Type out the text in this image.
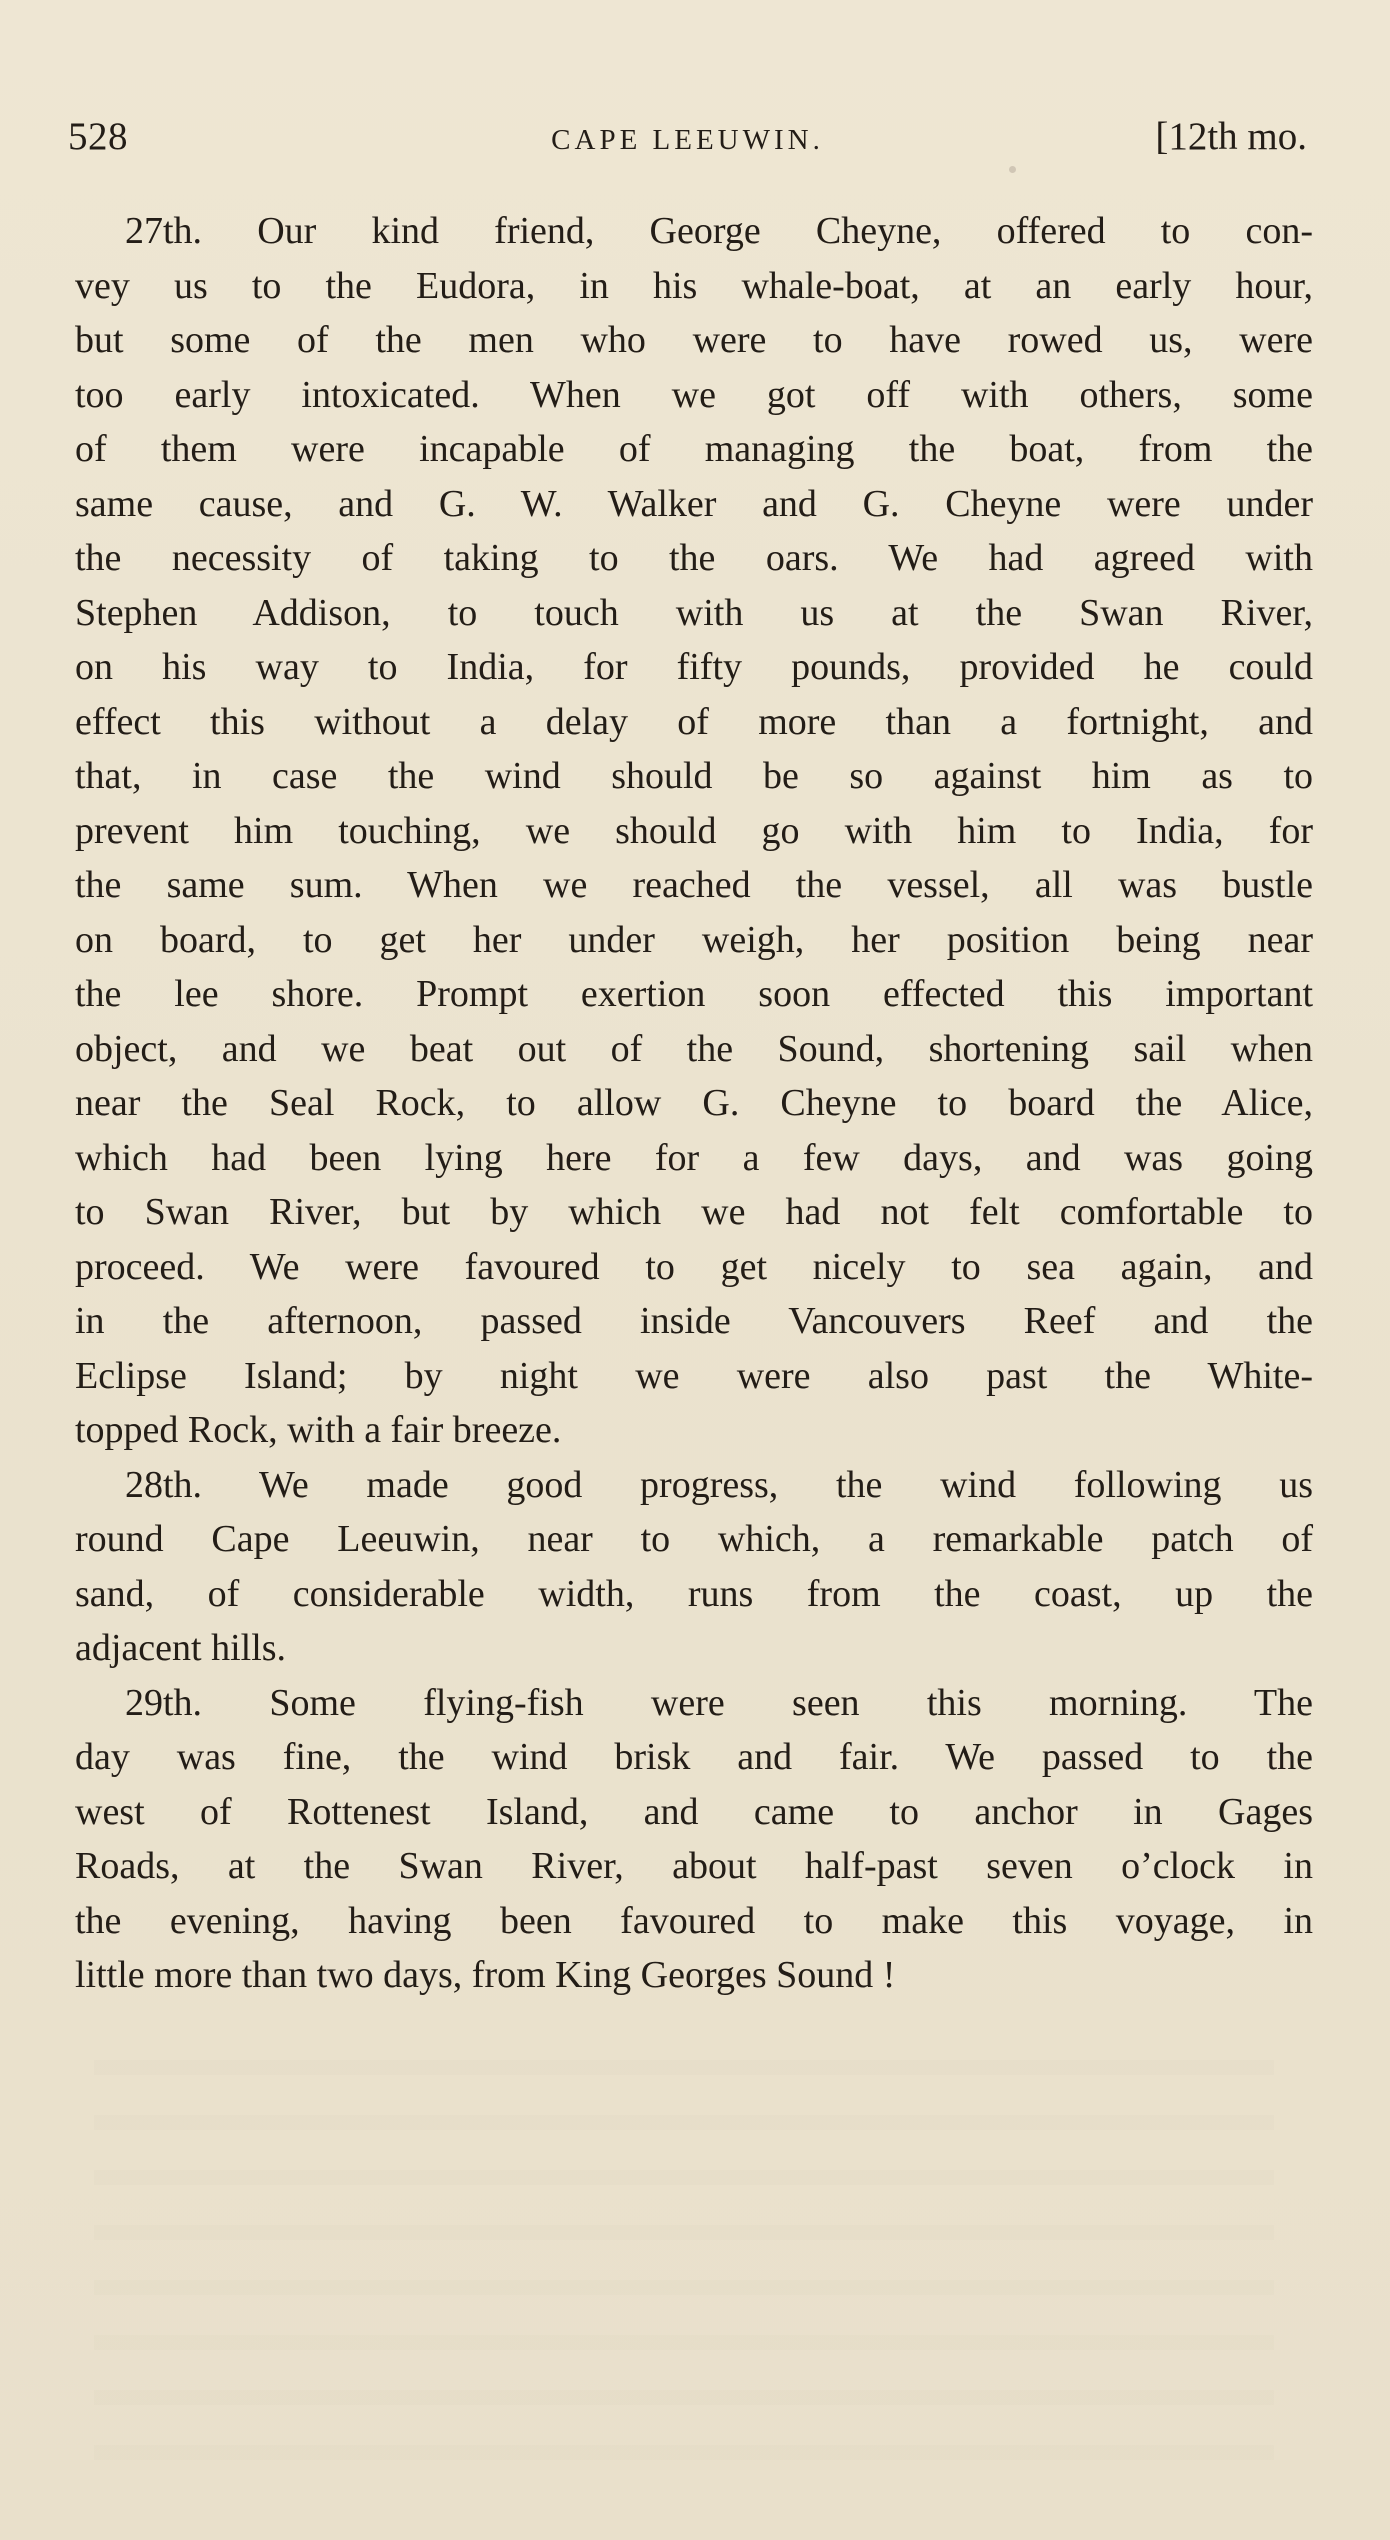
528	CAPE LEEUWIN.	[12th mo.
27th. Our kind friend, George Cheyne, offered to con-
vey us to the Eudora, in his whale-boat, at an early hour,
but some of the men who were to have rowed us, were
too early intoxicated. When we got off with others, some
of them were incapable of managing the boat, from the
same cause, and G. W. Walker and G. Cheyne were under
the necessity of taking to the oars. We had agreed with
Stephen Addison, to touch with us at the Swan River,
on his way to India, for fifty pounds, provided he could
effect this without a delay of more than a fortnight, and
that, in case the wind should be so against him as to
prevent him touching, we should go with him to India, for
the same sum. When we reached the vessel, all was bustle
on board, to get her under weigh, her position being near
the lee shore. Prompt exertion soon effected this important
object, and we beat out of the Sound, shortening sail when
near the Seal Rock, to allow G. Cheyne to board the Alice,
which had been lying here for a few days, and was going
to Swan River, but by which we had not felt comfortable to
proceed. We were favoured to get nicely to sea again, and
in the afternoon, passed inside Vancouvers Reef and the
Eclipse Island; by night we were also past the White-
topped Rock, with a fair breeze.
28th. We made good progress, the wind following us
round Cape Leeuwin, near to which, a remarkable patch of
sand, of considerable width, runs from the coast, up the
adjacent hills.
29th. Some flying-fish were seen this morning. The
day was fine, the wind brisk and fair. We passed to the
west of Rottenest Island, and came to anchor in Gages
Roads, at the Swan River, about half-past seven o’clock in
the evening, having been favoured to make this voyage, in
little more than two days, from King Georges Sound !
